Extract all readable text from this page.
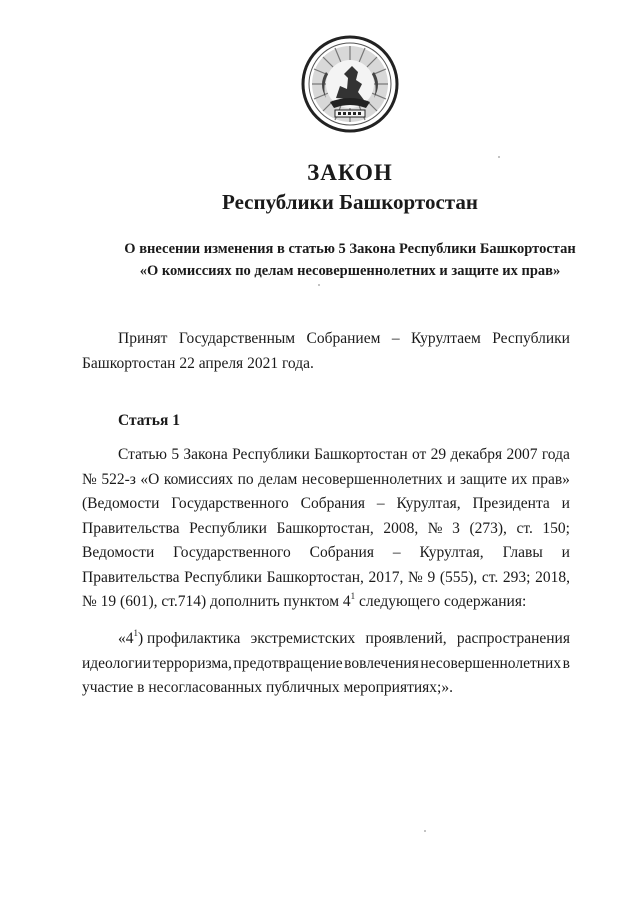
ЗАКОН
Республики Башкортостан
О внесении изменения в статью 5 Закона Республики Башкортостан
«О комиссиях по делам несовершеннолетних и защите их прав»
Принят Государственным Собранием – Курултаем Республики
Башкортостан 22 апреля 2021 года.
Статья 1
Статью 5 Закона Республики Башкортостан от 29 декабря 2007 года
№ 522-з «О комиссиях по делам несовершеннолетних и защите их прав»
(Ведомости Государственного Собрания – Курултая, Президента и
Правительства Республики Башкортостан, 2008, № 3 (273), ст. 150;
Ведомости Государственного Собрания – Курултая, Главы и
Правительства Республики Башкортостан, 2017, № 9 (555), ст. 293; 2018,
№ 19 (601), ст.714) дополнить пунктом $4^1$ следующего содержания:
«$4^1$) профилактика экстремистских проявлений, распространения
идеологии терроризма, предотвращение вовлечения несовершеннолетних в
участие в несогласованных публичных мероприятиях;».
